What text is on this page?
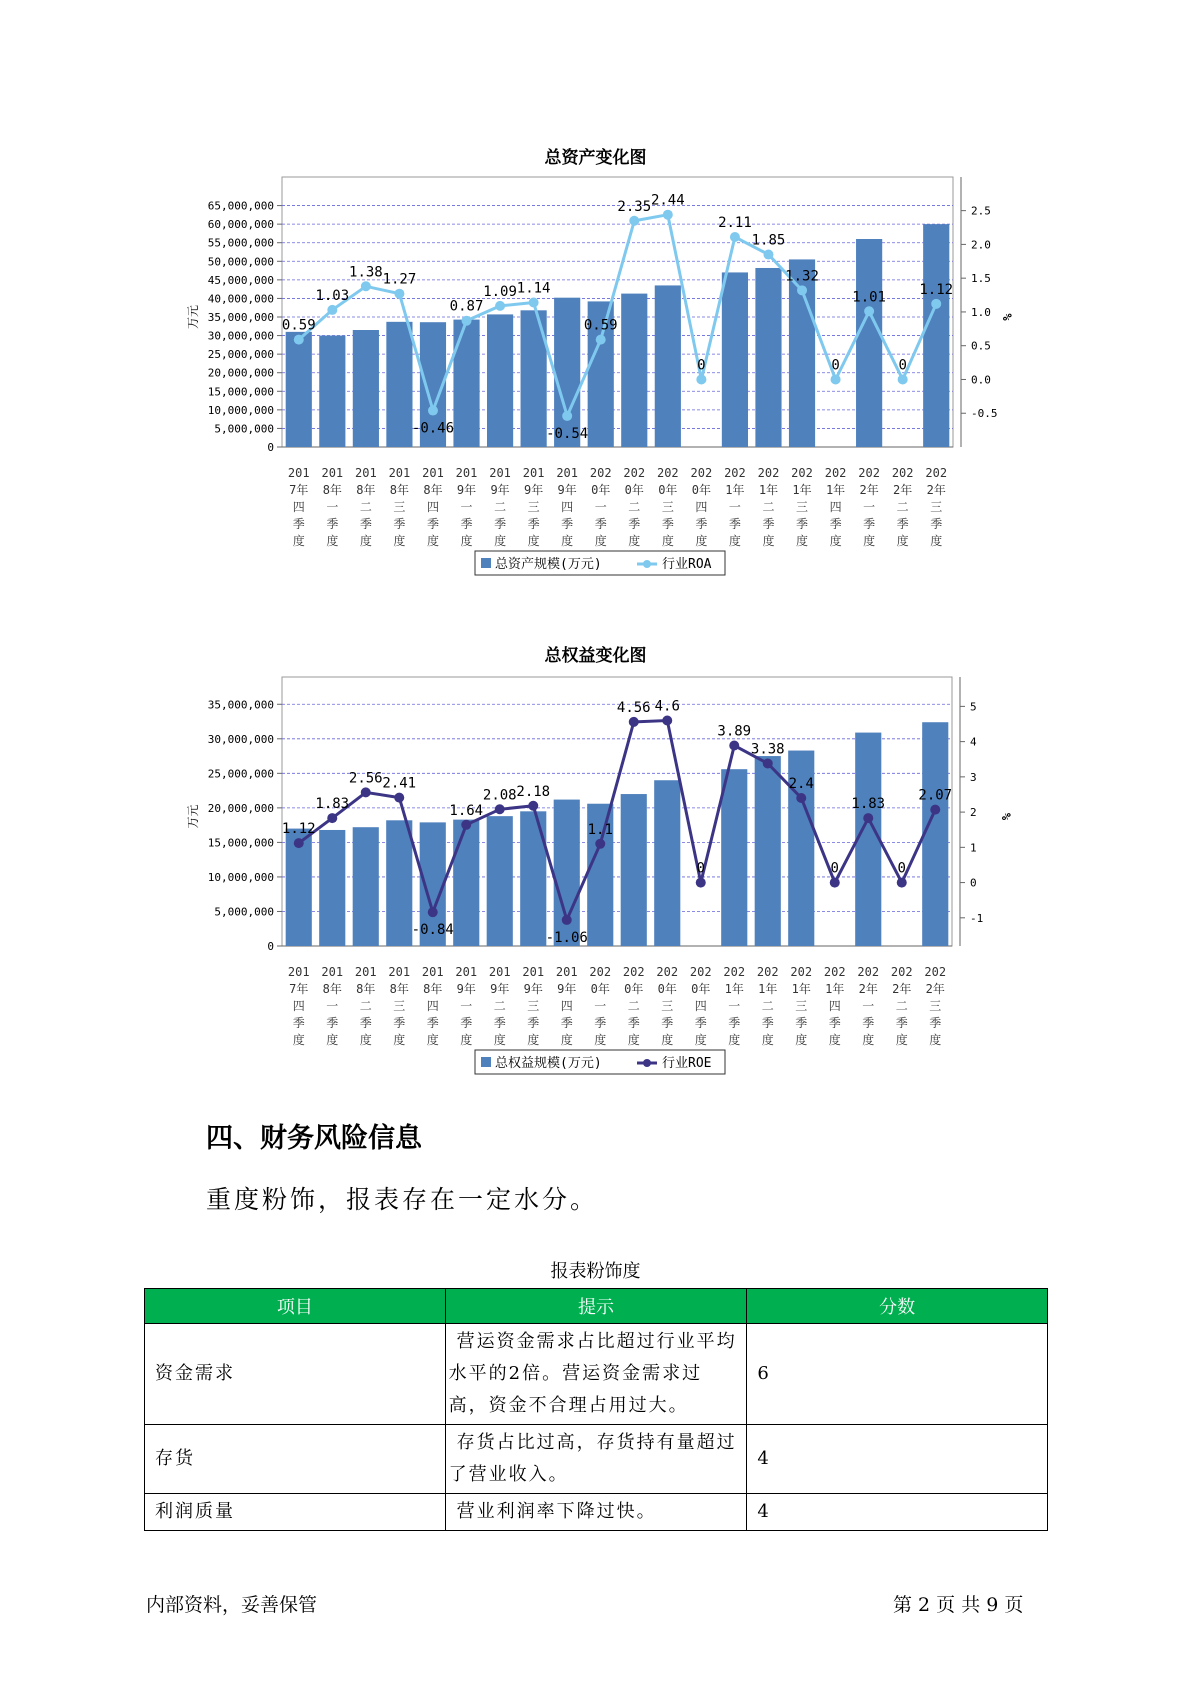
总资产变化图
65,000,000
60,000,000
55,000,000
50,000,000
45,000,000
40,000,000
35,000,000
30,000,000
25,000,000
20,000,000
15,000,000
10,000,000
5,000,000
0
2.5
2.0
1.5
1.0
0.5
0.0
-0.5
万元	%
201
7年
四
季
度
201
8年
一
季
度
201
8年
二
季
度
201
8年
三
季
度
201
8年
四
季
度
201
9年
一
季
度
201
9年
二
季
度
201
9年
三
季
度
201
9年
四
季
度
202
0年
一
季
度
202
0年
二
季
度
202
0年
三
季
度
202
0年
四
季
度
202
1年
一
季
度
202
1年
二
季
度
202
1年
三
季
度
202
1年
四
季
度
202
2年
一
季
度
202
2年
二
季
度
202
2年
三
季
度
0.59
1.03
1.38 1.27
-0.46
0.87
1.09 1.14
-0.54
0.59
2.35 2.44
0
2.11
1.85
1.32
0
1.01
0
1.12
总资产规模(万元)	行业ROA
总权益变化图
35,000,000
30,000,000
25,000,000
20,000,000
15,000,000
10,000,000
5,000,000
0
5
4
3
2
1
0
-1
万元	%
201
7年
四
季
度
201
8年
一
季
度
201
8年
二
季
度
201
8年
三
季
度
201
8年
四
季
度
201
9年
一
季
度
201
9年
二
季
度
201
9年
三
季
度
201
9年
四
季
度
202
0年
一
季
度
202
0年
二
季
度
202
0年
三
季
度
202
0年
四
季
度
202
1年
一
季
度
202
1年
二
季
度
202
1年
三
季
度
202
1年
四
季
度
202
2年
一
季
度
202
2年
二
季
度
202
2年
三
季
度
1.12
1.83
2.56 2.41
-0.84
1.64
2.08 2.18
-1.06
1.1
4.56 4.6
0
3.89
3.38
2.4
0
1.83
0
2.07
总权益规模(万元)	行业ROE
四、财务风险信息
重度粉饰，报表存在一定水分。
报表粉饰度
项目	提示	分数
资金需求	营运资金需求占比超过行业平均水平的2倍。营运资金需求过高，资金不合理占用过大。	6
存货	存货占比过高，存货持有量超过了营业收入。	4
利润质量	营业利润率下降过快。	4
内部资料，妥善保管	第 2 页 共 9 页
